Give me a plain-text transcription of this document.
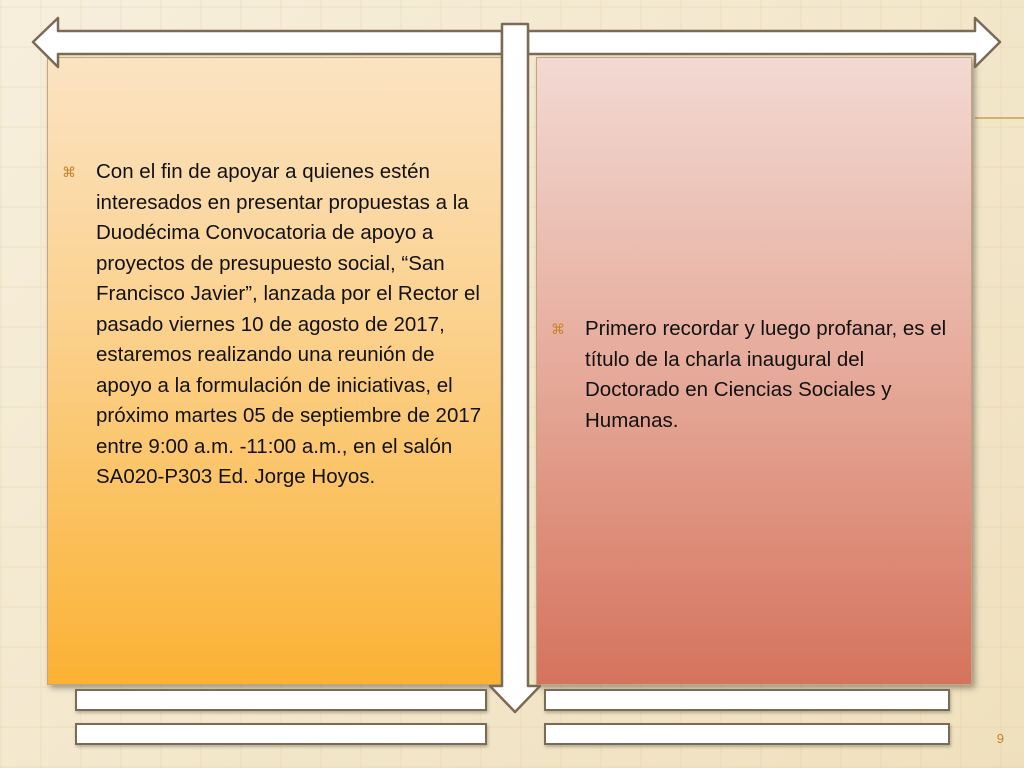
⌘ Con el fin de apoyar a quienes estén interesados en presentar propuestas a la Duodécima Convocatoria de apoyo a proyectos de presupuesto social, “San Francisco Javier”, lanzada por el Rector el pasado viernes 10 de agosto de 2017, estaremos realizando una reunión de apoyo a la formulación de iniciativas, el próximo martes 05 de septiembre de 2017 entre 9:00 a.m. -11:00 a.m., en el salón SA020-P303 Ed. Jorge Hoyos.
⌘ Primero recordar y luego profanar, es el título de la charla inaugural del Doctorado en Ciencias Sociales y Humanas.
9
